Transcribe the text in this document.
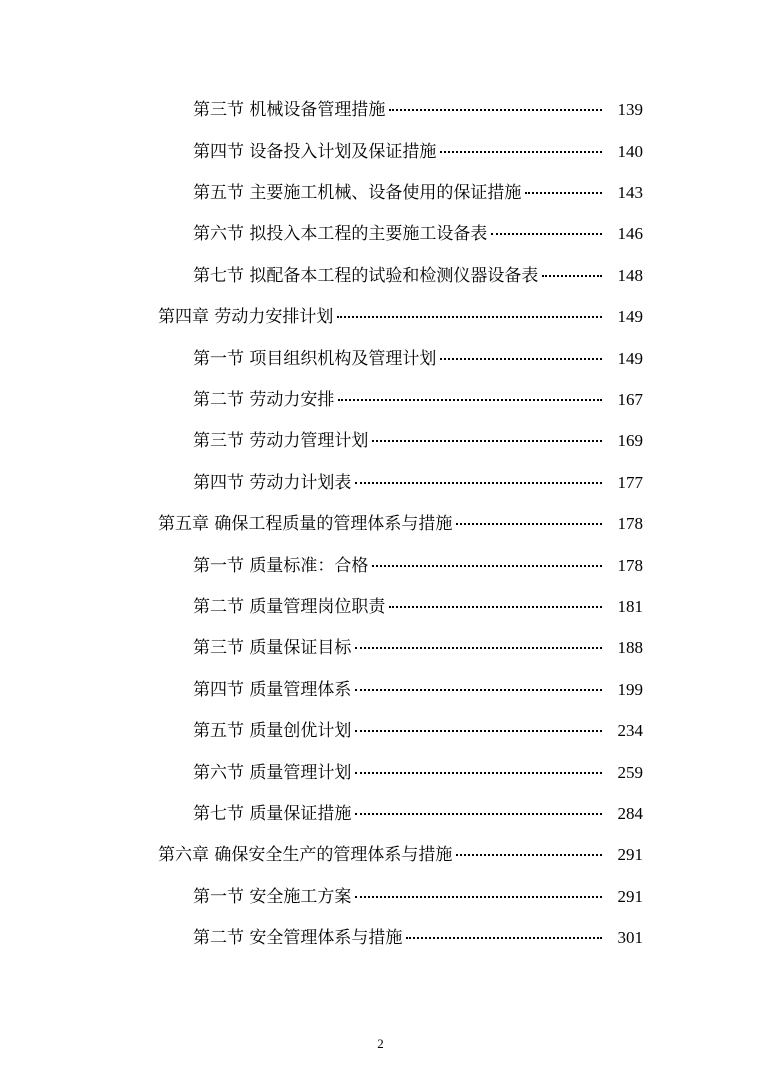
第三节 机械设备管理措施	139
第四节 设备投入计划及保证措施	140
第五节 主要施工机械、设备使用的保证措施	143
第六节 拟投入本工程的主要施工设备表	146
第七节 拟配备本工程的试验和检测仪器设备表	148
第四章 劳动力安排计划	149
第一节 项目组织机构及管理计划	149
第二节 劳动力安排	167
第三节 劳动力管理计划	169
第四节 劳动力计划表	177
第五章 确保工程质量的管理体系与措施	178
第一节 质量标准：合格	178
第二节 质量管理岗位职责	181
第三节 质量保证目标	188
第四节 质量管理体系	199
第五节 质量创优计划	234
第六节 质量管理计划	259
第七节 质量保证措施	284
第六章 确保安全生产的管理体系与措施	291
第一节 安全施工方案	291
第二节 安全管理体系与措施	301
2
